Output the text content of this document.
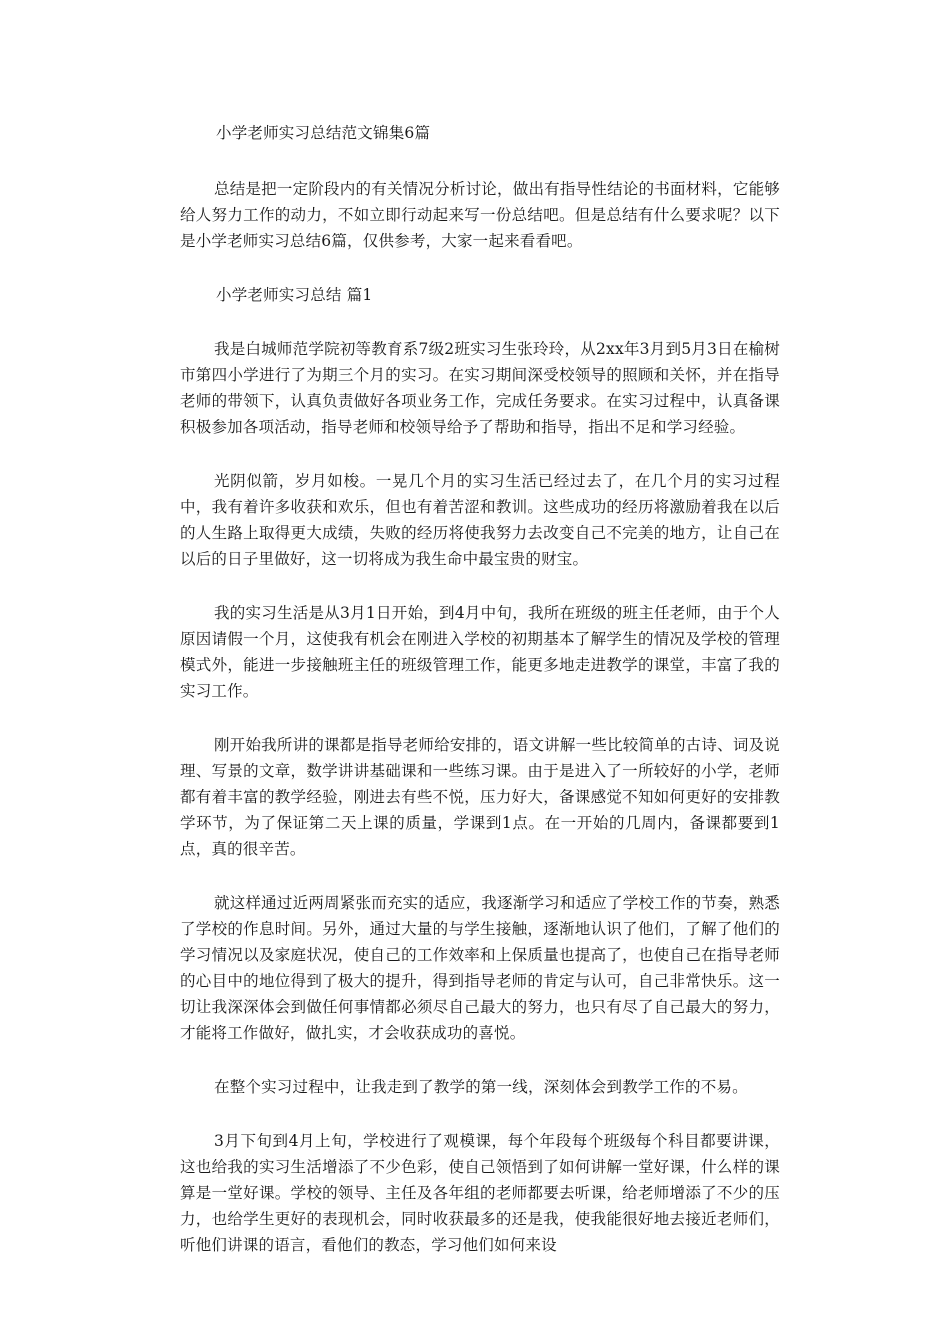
小学老师实习总结范文锦集6篇

总结是把一定阶段内的有关情况分析讨论，做出有指导性结论的书面材料，它能够给人努力工作的动力，不如立即行动起来写一份总结吧。但是总结有什么要求呢？以下是小学老师实习总结6篇，仅供参考，大家一起来看看吧。

小学老师实习总结 篇1

我是白城师范学院初等教育系7级2班实习生张玲玲，从2xx年3月到5月3日在榆树市第四小学进行了为期三个月的实习。在实习期间深受校领导的照顾和关怀，并在指导老师的带领下，认真负责做好各项业务工作，完成任务要求。在实习过程中，认真备课积极参加各项活动，指导老师和校领导给予了帮助和指导，指出不足和学习经验。

光阴似箭，岁月如梭。一晃几个月的实习生活已经过去了，在几个月的实习过程中，我有着许多收获和欢乐，但也有着苦涩和教训。这些成功的经历将激励着我在以后的人生路上取得更大成绩，失败的经历将使我努力去改变自己不完美的地方，让自己在以后的日子里做好，这一切将成为我生命中最宝贵的财宝。

我的实习生活是从3月1日开始，到4月中旬，我所在班级的班主任老师，由于个人原因请假一个月，这使我有机会在刚进入学校的初期基本了解学生的情况及学校的管理模式外，能进一步接触班主任的班级管理工作，能更多地走进教学的课堂，丰富了我的实习工作。

刚开始我所讲的课都是指导老师给安排的，语文讲解一些比较简单的古诗、词及说理、写景的文章，数学讲讲基础课和一些练习课。由于是进入了一所较好的小学，老师都有着丰富的教学经验，刚进去有些不悦，压力好大，备课感觉不知如何更好的安排教学环节，为了保证第二天上课的质量，学课到1点。在一开始的几周内，备课都要到1点，真的很辛苦。

就这样通过近两周紧张而充实的适应，我逐渐学习和适应了学校工作的节奏，熟悉了学校的作息时间。另外，通过大量的与学生接触，逐渐地认识了他们，了解了他们的学习情况以及家庭状况，使自己的工作效率和上保质量也提高了，也使自己在指导老师的心目中的地位得到了极大的提升，得到指导老师的肯定与认可，自己非常快乐。这一切让我深深体会到做任何事情都必须尽自己最大的努力，也只有尽了自己最大的努力，才能将工作做好，做扎实，才会收获成功的喜悦。

在整个实习过程中，让我走到了教学的第一线，深刻体会到教学工作的不易。

3月下旬到4月上旬，学校进行了观模课，每个年段每个班级每个科目都要讲课，这也给我的实习生活增添了不少色彩，使自己领悟到了如何讲解一堂好课，什么样的课算是一堂好课。学校的领导、主任及各年组的老师都要去听课，给老师增添了不少的压力，也给学生更好的表现机会，同时收获最多的还是我，使我能很好地去接近老师们，听他们讲课的语言，看他们的教态，学习他们如何来设
